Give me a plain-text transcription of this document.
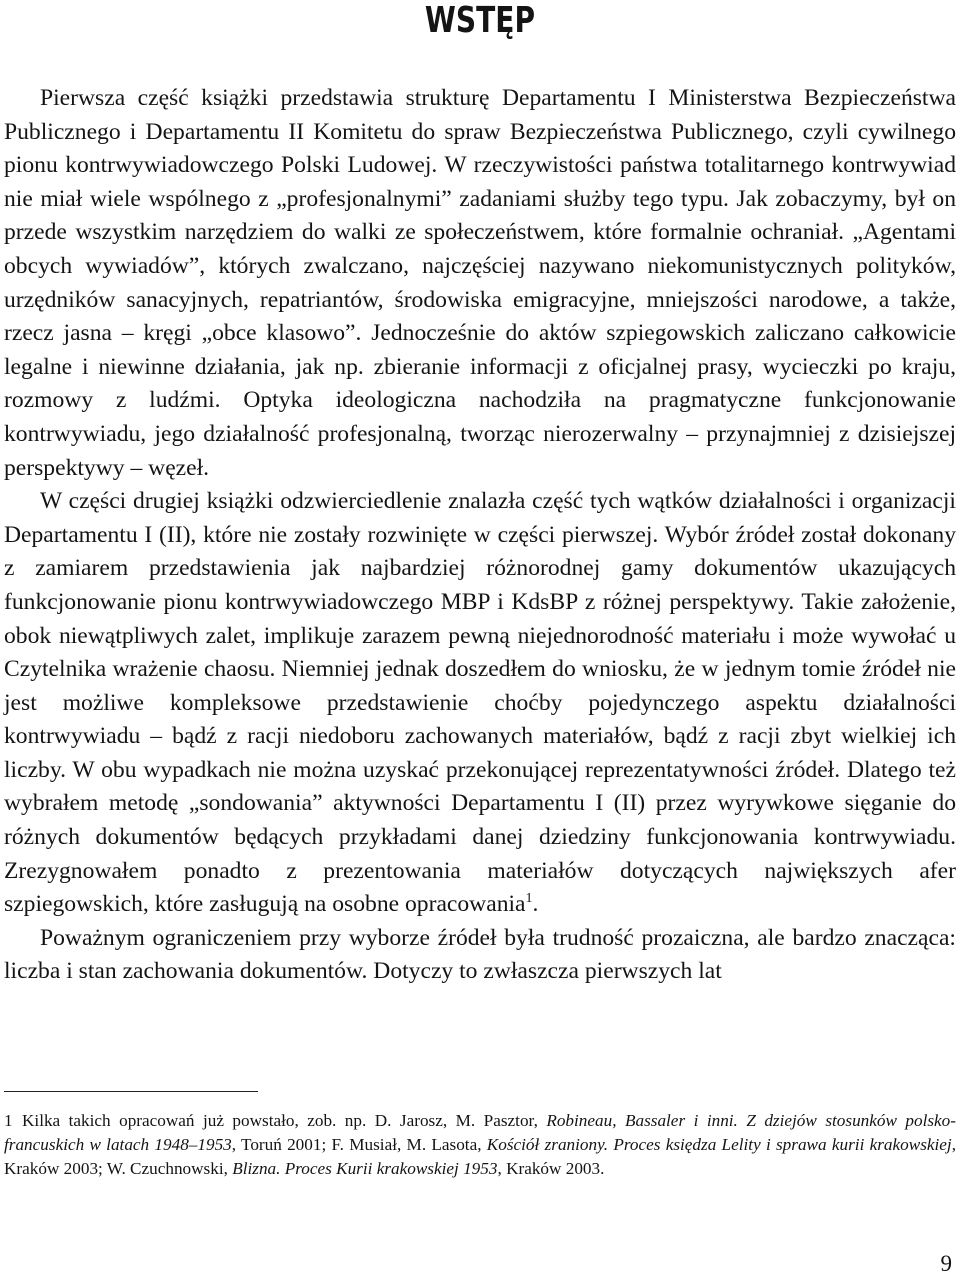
WSTĘP

Pierwsza część książki przedstawia strukturę Departamentu I Ministerstwa Bezpieczeństwa Publicznego i Departamentu II Komitetu do spraw Bezpieczeństwa Publicznego, czyli cywilnego pionu kontrwywiadowczego Polski Ludowej. W rzeczywistości państwa totalitarnego kontrwywiad nie miał wiele wspólnego z „profesjonalnymi” zadaniami służby tego typu. Jak zobaczymy, był on przede wszystkim narzędziem do walki ze społeczeństwem, które formalnie ochraniał. „Agentami obcych wywiadów”, których zwalczano, najczęściej nazywano niekomunistycznych polityków, urzędników sanacyjnych, repatriantów, środowiska emigracyjne, mniejszości narodowe, a także, rzecz jasna – kręgi „obce klasowo”. Jednocześnie do aktów szpiegowskich zaliczano całkowicie legalne i niewinne działania, jak np. zbieranie informacji z oficjalnej prasy, wycieczki po kraju, rozmowy z ludźmi. Optyka ideologiczna nachodziła na pragmatyczne funkcjonowanie kontrwywiadu, jego działalność profesjonalną, tworząc nierozerwalny – przynajmniej z dzisiejszej perspektywy – węzeł.

W części drugiej książki odzwierciedlenie znalazła część tych wątków działalności i organizacji Departamentu I (II), które nie zostały rozwinięte w części pierwszej. Wybór źródeł został dokonany z zamiarem przedstawienia jak najbardziej różnorodnej gamy dokumentów ukazujących funkcjonowanie pionu kontrwywiadowczego MBP i KdsBP z różnej perspektywy. Takie założenie, obok niewątpliwych zalet, implikuje zarazem pewną niejednorodność materiału i może wywołać u Czytelnika wrażenie chaosu. Niemniej jednak doszedłem do wniosku, że w jednym tomie źródeł nie jest możliwe kompleksowe przedstawienie choćby pojedynczego aspektu działalności kontrwywiadu – bądź z racji niedoboru zachowanych materiałów, bądź z racji zbyt wielkiej ich liczby. W obu wypadkach nie można uzyskać przekonującej reprezentatywności źródeł. Dlatego też wybrałem metodę „sondowania” aktywności Departamentu I (II) przez wyrywkowe sięganie do różnych dokumentów będących przykładami danej dziedziny funkcjonowania kontrwywiadu. Zrezygnowałem ponadto z prezentowania materiałów dotyczących największych afer szpiegowskich, które zasługują na osobne opracowania$^1$.

Poważnym ograniczeniem przy wyborze źródeł była trudność prozaiczna, ale bardzo znacząca: liczba i stan zachowania dokumentów. Dotyczy to zwłaszcza pierwszych lat

1 Kilka takich opracowań już powstało, zob. np. D. Jarosz, M. Pasztor, Robineau, Bassaler i inni. Z dziejów stosunków polsko-francuskich w latach 1948–1953, Toruń 2001; F. Musiał, M. Lasota, Kościół zraniony. Proces księdza Lelity i sprawa kurii krakowskiej, Kraków 2003; W. Czuchnowski, Blizna. Proces Kurii krakowskiej 1953, Kraków 2003.
9
